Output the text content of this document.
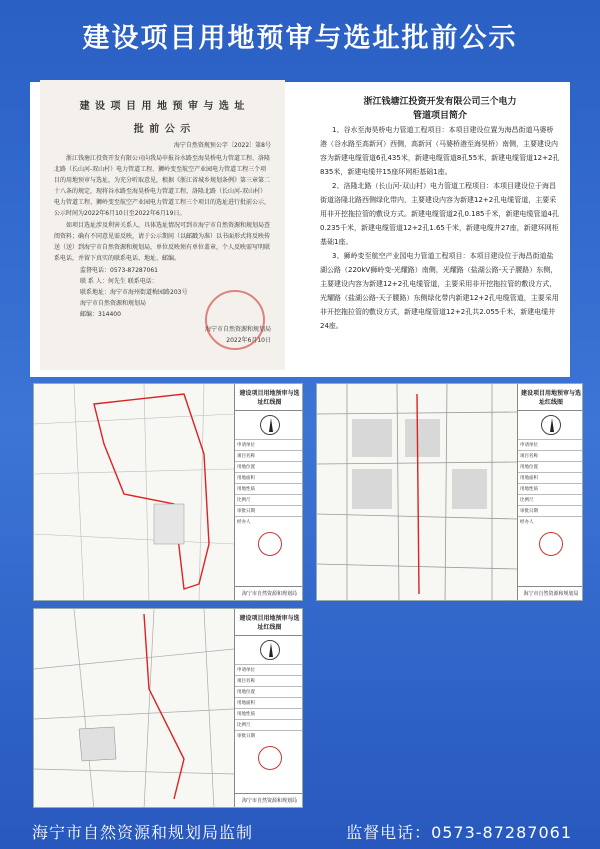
建设项目用地预审与选址批前公示
建 设 项 目 用 地 预 审 与 选 址
批 前 公 示
海宁自然资规预公字〔2022〕第8号

浙江钱塘江投资开发有限公司向我局申报谷水路至海昊桥电力管道工程、洛隆北路（长山河-双山村）电力管道工程、狮岭变至航空产业园电力管道工程三个项目的用地预审与选址，为充分听取意见，根据《浙江省城乡规划条例》第三章第二十八条的规定，现将谷水路至海昊桥电力管道工程、洛隆北路（长山河-双山村）电力管道工程、狮岭变至航空产业园电力管道工程三个项目的选址进行批前公示，公示时间为2022年6月10日至2022年6月19日。

如项目选址涉及利害关系人，具体选址情况可到市海宁市自然资源和规划局查阅资料；确有不同意见需反映，请于公示期间（以邮戳为准）以书面形式将反映传送（送）到海宁市自然资源和规划局，单位反映须有单位盖章，个人反映需写明联系电话，并留下真实的联系电话、地址、邮编。

监督电话：0573-87287061
联 系 人：何先生 联系电话：
联系地址：海宁市海州街道梅园路203号
海宁市自然资源和规划局
邮编：314400
海宁市自然资源和规划局
2022年6月10日
浙江钱塘江投资开发有限公司三个电力
管道项目简介

1、谷水至海昊桥电力管道工程项目：本项目建设位置为海昌街道马婆桥港（谷水路至高新河）西侧，高新河（马婆桥港至海昊桥）南侧，主要建设内容为新建电缆管道6孔435米，新建电缆管道8孔55米，新建电缆管道12+2孔835米，新建电缆井15座环网柜基础1座。

2、洛隆北路（长山河-双山村）电力管道工程项目：本项目建设位于海昌街道洛隆北路西侧绿化带内，主要建设内容为新建12+2孔电缆管道，主要采用非开挖拖拉管的敷设方式。新建电缆管道2孔0.185千米，新建电缆管道4孔0.235千米，新建电缆管道12+2孔1.65千米，新建电缆井27座，新建环网柜基础1座。

3、狮岭变至航空产业园电力管道工程项目：本项目建设位于海昌街道盐湖公路（220kV狮岭变-光耀路）南侧，光耀路（盐湖公路-天子腰路）东侧，主要建设内容为新建12+2孔电缆管道，主要采用非开挖拖拉管的敷设方式，光耀路（盐湖公路-天子腰路）东侧绿化带内新建12+2孔电缆管道，主要采用非开挖拖拉管的敷设方式，新建电缆管道12+2孔共2.055千米，新建电缆井24座。

建设项目用地预审与选址红线图
申请单位
项目名称
用地位置
用地面积
用地性质
比例尺
审批日期
经办人
海宁市自然资源和规划局
建设项目用地预审与选址红线图
申请单位
项目名称
用地位置
用地面积
用地性质
比例尺
审批日期
经办人
海宁市自然资源和规划局
建设项目用地预审与选址红线图
申请单位
项目名称
用地位置
用地面积
用地性质
比例尺
审批日期
海宁市自然资源和规划局
海宁市自然资源和规划局监制	监督电话：0573-87287061
